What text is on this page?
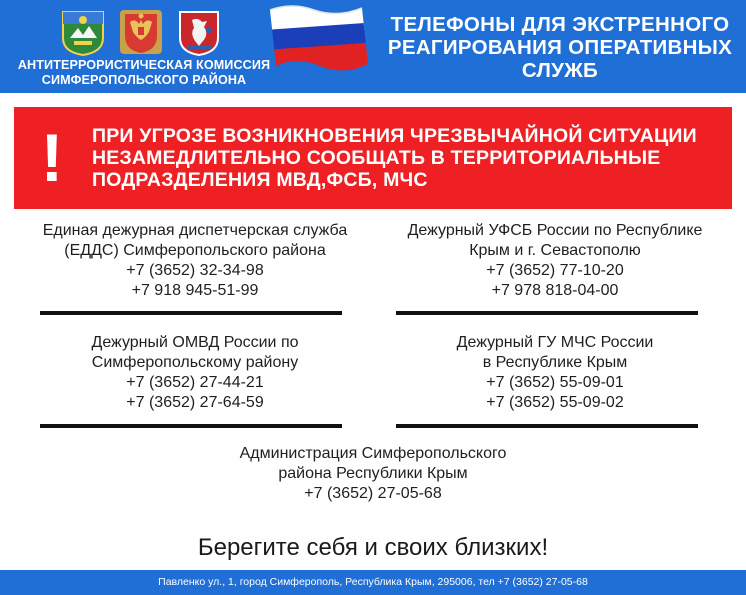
АНТИТЕРРОРИСТИЧЕСКАЯ КОМИССИЯ
СИМФЕРОПОЛЬСКОГО РАЙОНА
ТЕЛЕФОНЫ ДЛЯ ЭКСТРЕННОГО
РЕАГИРОВАНИЯ ОПЕРАТИВНЫХ
СЛУЖБ
! ПРИ УГРОЗЕ ВОЗНИКНОВЕНИЯ ЧРЕЗВЫЧАЙНОЙ СИТУАЦИИ
НЕЗАМЕДЛИТЕЛЬНО СООБЩАТЬ В ТЕРРИТОРИАЛЬНЫЕ
ПОДРАЗДЕЛЕНИЯ МВД,ФСБ, МЧС
Единая дежурная диспетчерская служба
(ЕДДС) Симферопольского района
+7 (3652) 32-34-98
+7 918 945-51-99
Дежурный УФСБ России по Республике
Крым и г. Севастополю
+7 (3652) 77-10-20
+7 978 818-04-00
Дежурный ОМВД России по
Симферопольскому району
+7 (3652) 27-44-21
+7 (3652) 27-64-59
Дежурный ГУ МЧС России
в Республике Крым
+7 (3652) 55-09-01
+7 (3652) 55-09-02
Администрация Симферопольского
района Республики Крым
+7 (3652) 27-05-68
Берегите себя и своих близких!
Павленко ул., 1, город Симферополь, Республика Крым, 295006, тел +7 (3652) 27-05-68
